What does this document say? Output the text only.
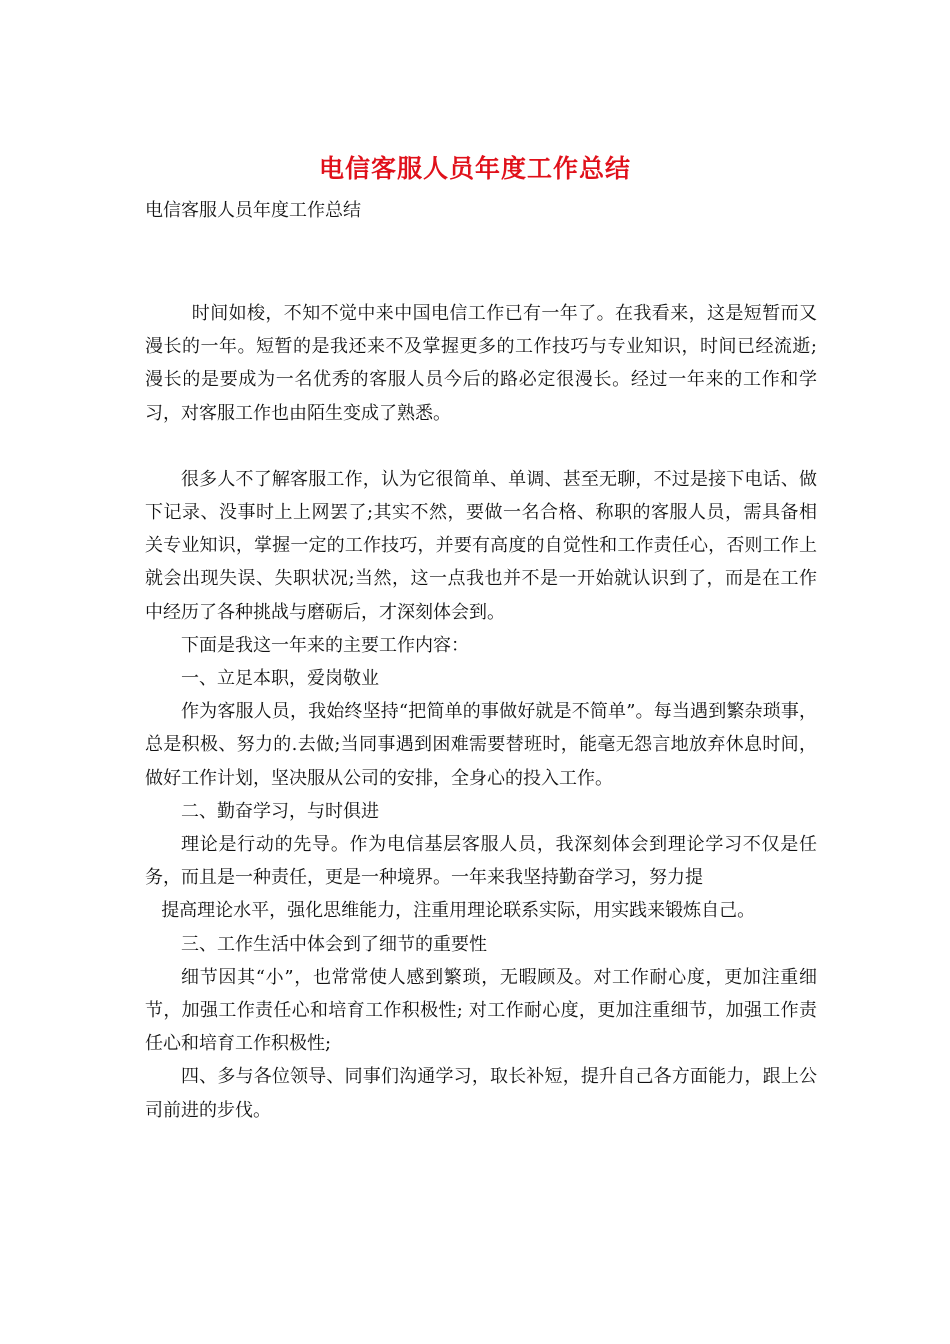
电信客服人员年度工作总结
电信客服人员年度工作总结

时间如梭，不知不觉中来中国电信工作已有一年了。在我看来，这是短暂而又漫长的一年。短暂的是我还来不及掌握更多的工作技巧与专业知识，时间已经流逝;漫长的是要成为一名优秀的客服人员今后的路必定很漫长。经过一年来的工作和学习，对客服工作也由陌生变成了熟悉。

很多人不了解客服工作，认为它很简单、单调、甚至无聊，不过是接下电话、做下记录、没事时上上网罢了;其实不然，要做一名合格、称职的客服人员，需具备相关专业知识，掌握一定的工作技巧，并要有高度的自觉性和工作责任心，否则工作上就会出现失误、失职状况;当然，这一点我也并不是一开始就认识到了，而是在工作中经历了各种挑战与磨砺后，才深刻体会到。

下面是我这一年来的主要工作内容：

一、立足本职，爱岗敬业

作为客服人员，我始终坚持“把简单的事做好就是不简单”。每当遇到繁杂琐事，总是积极、努力的.去做;当同事遇到困难需要替班时，能毫无怨言地放弃休息时间，做好工作计划，坚决服从公司的安排，全身心的投入工作。

二、勤奋学习，与时俱进

理论是行动的先导。作为电信基层客服人员，我深刻体会到理论学习不仅是任务，而且是一种责任，更是一种境界。一年来我坚持勤奋学习，努力提

提高理论水平，强化思维能力，注重用理论联系实际，用实践来锻炼自己。

三、工作生活中体会到了细节的重要性

细节因其“小”，也常常使人感到繁琐，无暇顾及。对工作耐心度，更加注重细节，加强工作责任心和培育工作积极性; 对工作耐心度，更加注重细节，加强工作责任心和培育工作积极性;

四、多与各位领导、同事们沟通学习，取长补短，提升自己各方面能力，跟上公司前进的步伐。
